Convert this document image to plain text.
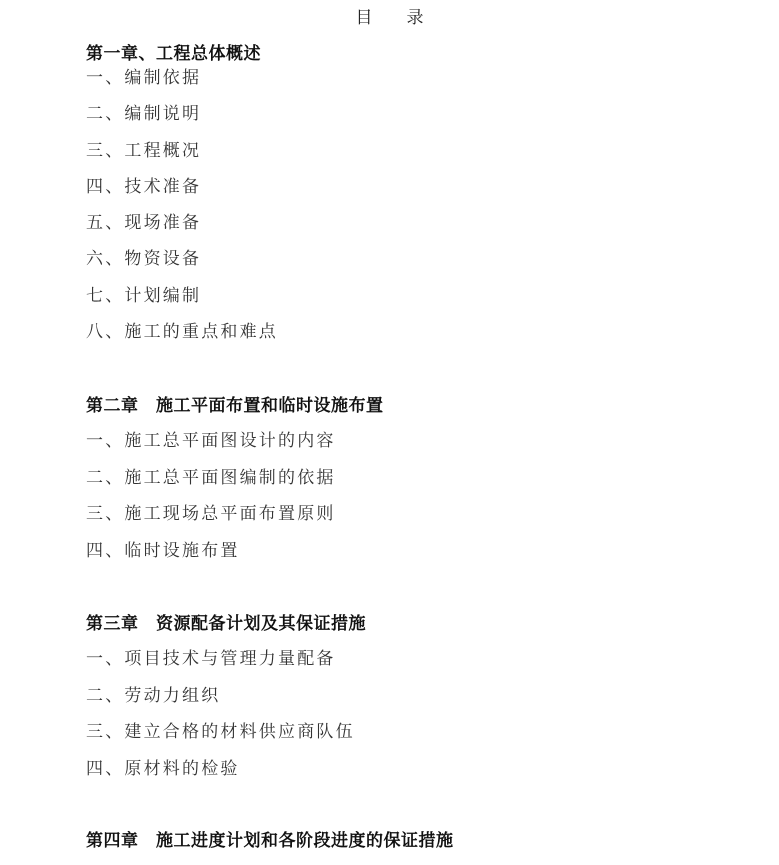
目录
第一章、工程总体概述
一、编制依据
二、编制说明
三、工程概况
四、技术准备
五、现场准备
六、物资设备
七、计划编制
八、施工的重点和难点
第二章　施工平面布置和临时设施布置
一、施工总平面图设计的内容
二、施工总平面图编制的依据
三、施工现场总平面布置原则
四、临时设施布置
第三章　资源配备计划及其保证措施
一、项目技术与管理力量配备
二、劳动力组织
三、建立合格的材料供应商队伍
四、原材料的检验
第四章　施工进度计划和各阶段进度的保证措施
